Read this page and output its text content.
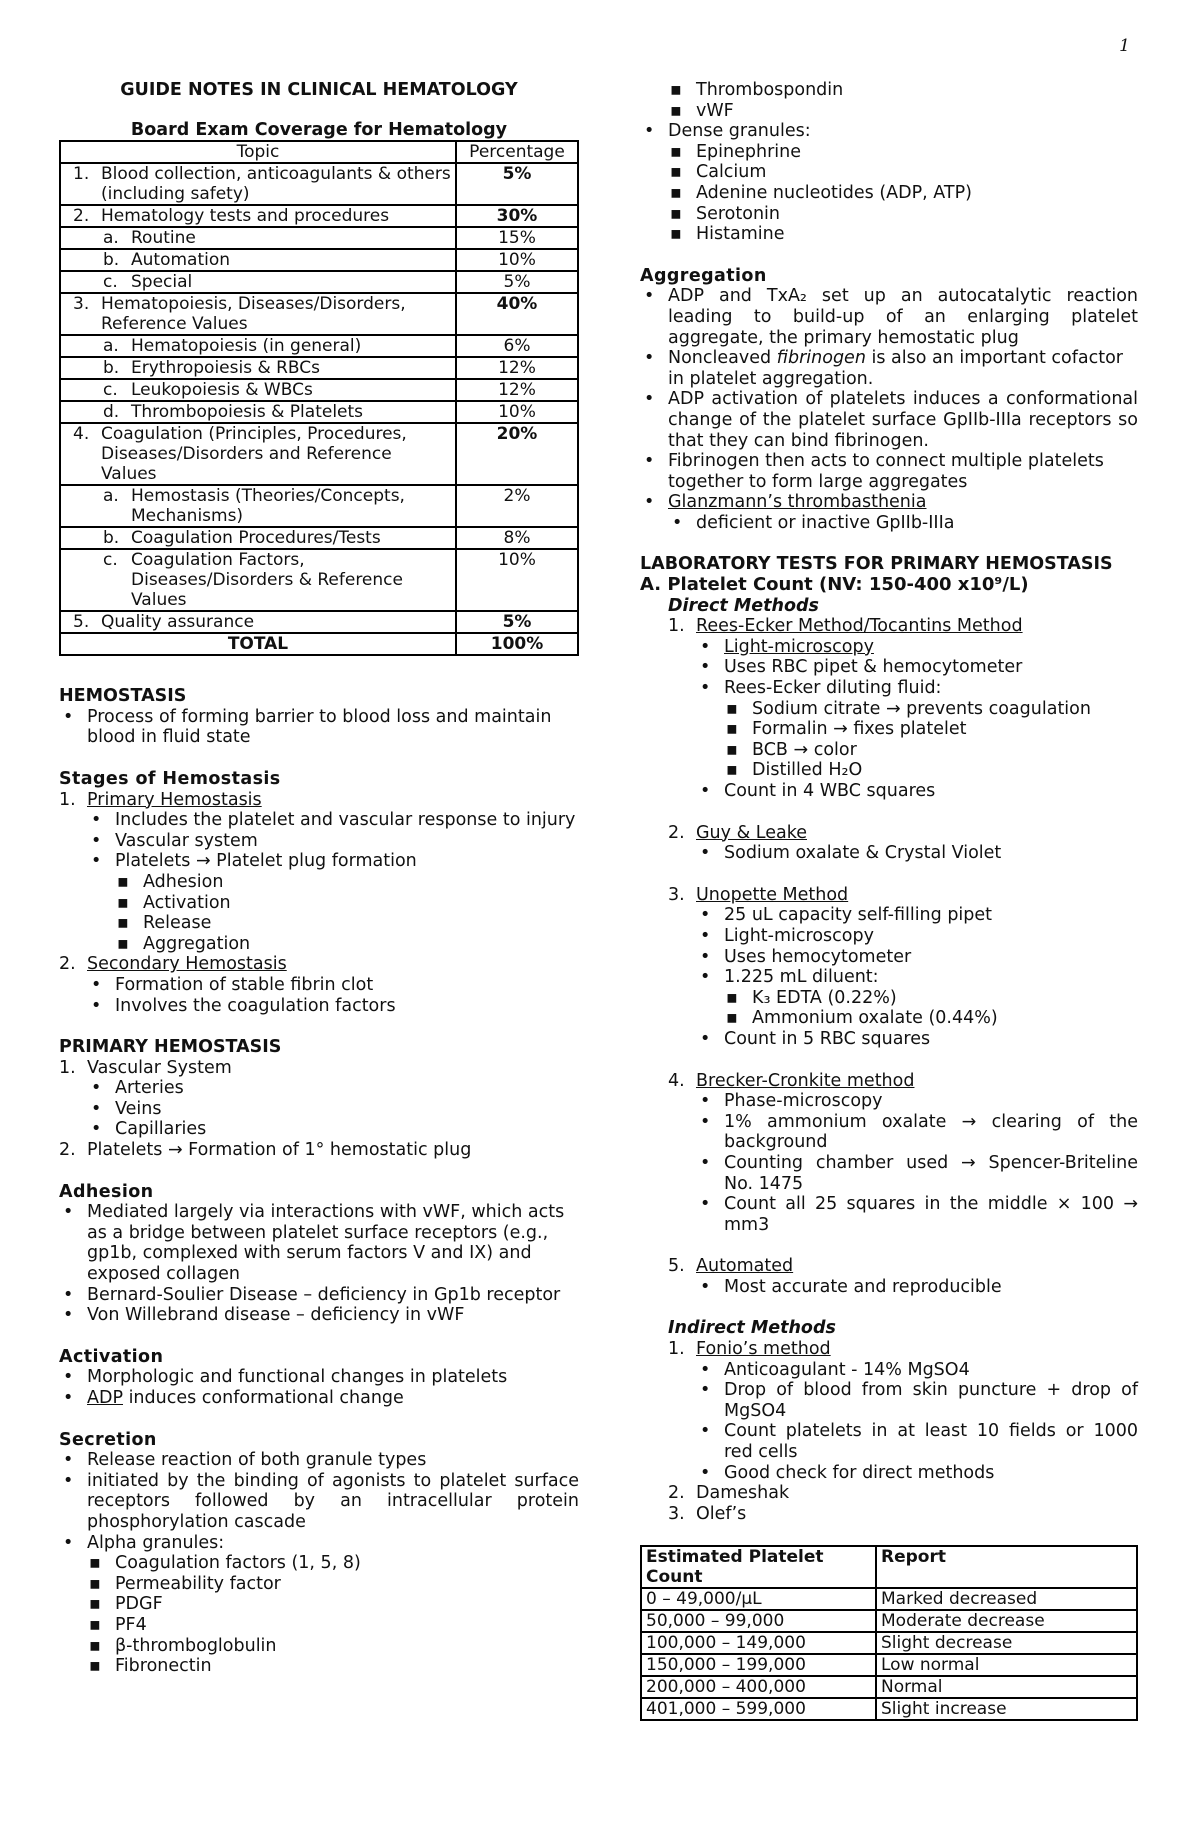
1
GUIDE NOTES IN CLINICAL HEMATOLOGY
Board Exam Coverage for Hematology
Topic	Percentage

1. Blood collection, anticoagulants & others (including safety)	5%

2. Hematology tests and procedures	30%

a. Routine	15%

b. Automation	10%

c. Special	5%

3. Hematopoiesis, Diseases/Disorders, Reference Values	40%

a. Hematopoiesis (in general)	6%

b. Erythropoiesis & RBCs	12%

c. Leukopoiesis & WBCs	12%

d. Thrombopoiesis & Platelets	10%

4. Coagulation (Principles, Procedures, Diseases/Disorders and Reference Values	20%

a. Hemostasis (Theories/Concepts, Mechanisms)	2%

b. Coagulation Procedures/Tests	8%

c. Coagulation Factors, Diseases/Disorders & Reference Values	10%

5. Quality assurance	5%
TOTAL	100%
HEMOSTASIS
• Process of forming barrier to blood loss and maintain blood in fluid state
Stages of Hemostasis
1. Primary Hemostasis
• Includes the platelet and vascular response to injury
• Vascular system
• Platelets → Platelet plug formation
▪ Adhesion
▪ Activation
▪ Release
▪ Aggregation
2. Secondary Hemostasis
• Formation of stable fibrin clot
• Involves the coagulation factors
PRIMARY HEMOSTASIS
1. Vascular System
• Arteries
• Veins
• Capillaries
2. Platelets → Formation of 1° hemostatic plug
Adhesion
• Mediated largely via interactions with vWF, which acts as a bridge between platelet surface receptors (e.g., gp1b, complexed with serum factors V and IX) and exposed collagen
• Bernard-Soulier Disease – deficiency in Gp1b receptor
• Von Willebrand disease – deficiency in vWF
Activation
• Morphologic and functional changes in platelets
• ADP induces conformational change
Secretion
• Release reaction of both granule types
• initiated by the binding of agonists to platelet surface receptors followed by an intracellular protein phosphorylation cascade
• Alpha granules:
▪ Coagulation factors (1, 5, 8)
▪ Permeability factor
▪ PDGF
▪ PF4
▪ β-thromboglobulin
▪ Fibronectin
▪ Thrombospondin
▪ vWF
• Dense granules:
▪ Epinephrine
▪ Calcium
▪ Adenine nucleotides (ADP, ATP)
▪ Serotonin
▪ Histamine
Aggregation
• ADP and TxA₂ set up an autocatalytic reaction leading to build-up of an enlarging platelet aggregate, the primary hemostatic plug
• Noncleaved fibrinogen is also an important cofactor in platelet aggregation.
• ADP activation of platelets induces a conformational change of the platelet surface GpIIb-IIIa receptors so that they can bind fibrinogen.
• Fibrinogen then acts to connect multiple platelets together to form large aggregates
• Glanzmann’s thrombasthenia
• deficient or inactive GpIIb-IIIa
LABORATORY TESTS FOR PRIMARY HEMOSTASIS
A. Platelet Count (NV: 150-400 x10⁹/L)
Direct Methods
1. Rees-Ecker Method/Tocantins Method
• Light-microscopy
• Uses RBC pipet & hemocytometer
• Rees-Ecker diluting fluid:
▪ Sodium citrate → prevents coagulation
▪ Formalin → fixes platelet
▪ BCB → color
▪ Distilled H₂O
• Count in 4 WBC squares
2. Guy & Leake
• Sodium oxalate & Crystal Violet
3. Unopette Method
• 25 uL capacity self-filling pipet
• Light-microscopy
• Uses hemocytometer
• 1.225 mL diluent:
▪ K₃ EDTA (0.22%)
▪ Ammonium oxalate (0.44%)
• Count in 5 RBC squares
4. Brecker-Cronkite method
• Phase-microscopy
• 1% ammonium oxalate → clearing of the background
• Counting chamber used → Spencer-Briteline No. 1475
• Count all 25 squares in the middle × 100 → mm3
5. Automated
• Most accurate and reproducible
Indirect Methods
1. Fonio’s method
• Anticoagulant - 14% MgSO4
• Drop of blood from skin puncture + drop of MgSO4
• Count platelets in at least 10 fields or 1000 red cells
• Good check for direct methods
2. Dameshak
3. Olef’s
Estimated Platelet Count	Report
0 – 49,000/µL	Marked decreased
50,000 – 99,000	Moderate decrease
100,000 – 149,000	Slight decrease
150,000 – 199,000	Low normal
200,000 – 400,000	Normal
401,000 – 599,000	Slight increase
